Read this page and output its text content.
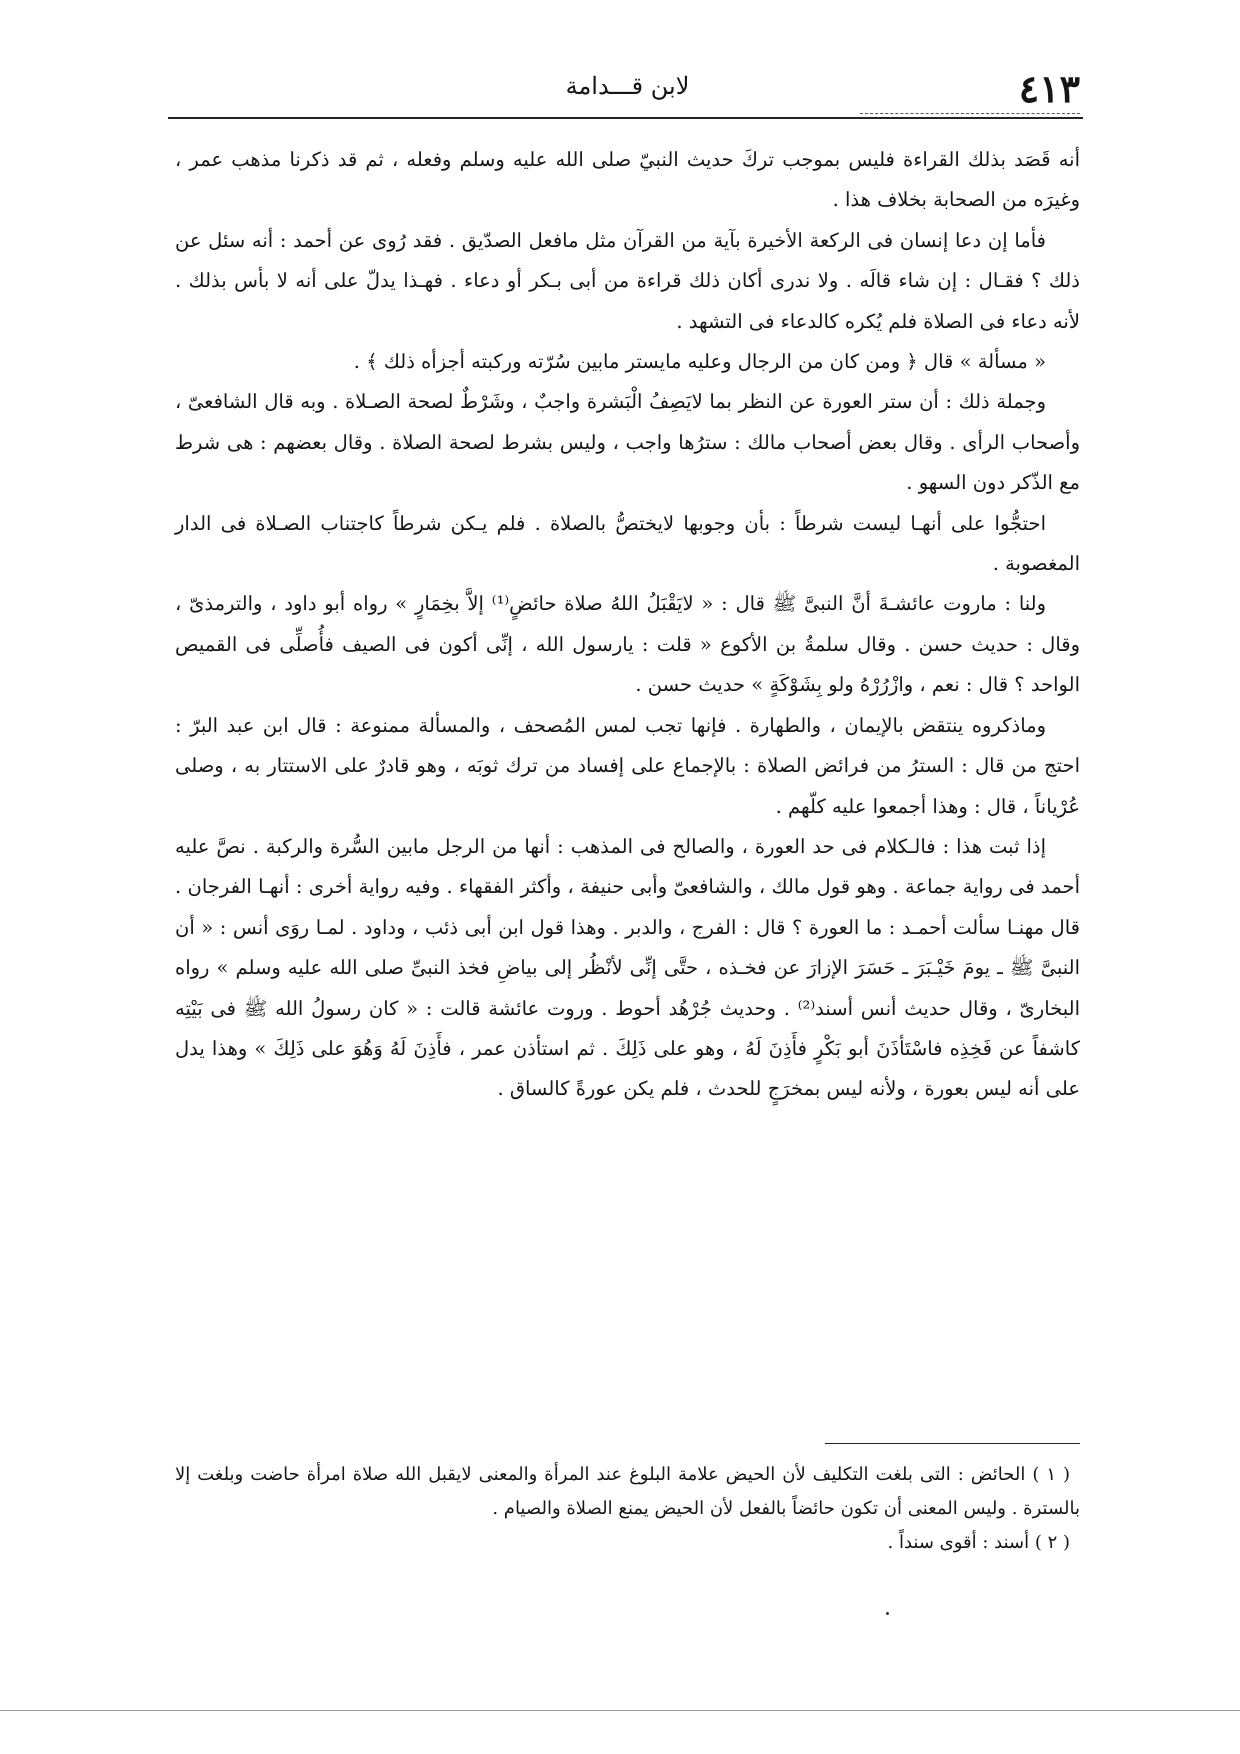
٤١٣
لابن قـــدامة

أنه قَصَد بذلك القراءة فليس بموجب تركَ حديث النبيّ صلى الله عليه وسلم وفعله ، ثم قد ذكرنا مذهب عمر ، وغيرَه من الصحابة بخلاف هذا .

فأما إن دعا إنسان فى الركعة الأخيرة بآية من القرآن مثل مافعل الصدّيق . فقد رُوى عن أحمد : أنه سئل عن ذلك ؟ فقـال : إن شاء قالَه . ولا ندرى أكان ذلك قراءة من أبى بـكر أو دعاء . فهـذا يدلّ على أنه لا بأس بذلك . لأنه دعاء فى الصلاة فلم يُكره كالدعاء فى التشهد .

« مسألة » قال ﴿ ومن كان من الرجال وعليه مايستر مابين سُرّته وركبته أجزأه ذلك ﴾ .

وجملة ذلك : أن ستر العورة عن النظر بما لايَصِفُ الْبَشرة واجبٌ ، وشَرْطٌ لصحة الصـلاة . وبه قال الشافعىّ ، وأصحاب الرأى . وقال بعض أصحاب مالك : سترُها واجب ، وليس بشرط لصحة الصلاة . وقال بعضهم : هى شرط مع الذّكر دون السهو .

احتجُّوا على أنهـا ليست شرطاً : بأن وجوبها لايختصُّ بالصلاة . فلم يـكن شرطاً كاجتناب الصـلاة فى الدار المغصوبة .

ولنا : ماروت عائشـةَ أنَّ النبىَّ ﷺ قال : « لايَقْبَلُ اللهُ صلاة حائضٍ⁽¹⁾ إلاَّ بخِمَارٍ » رواه أبو داود ، والترمذىّ ، وقال : حديث حسن . وقال سلمةُ بن الأكوع « قلت : يارسول الله ، إنِّى أكون فى الصيف فأُصلِّى فى القميص الواحد ؟ قال : نعم ، وازْرُرْهُ ولو بِشَوْكَةٍ » حديث حسن .

وماذكروه ينتقض بالإيمان ، والطهارة . فإنها تجب لمس المُصحف ، والمسألة ممنوعة : قال ابن عبد البرّ : احتج من قال : السترُ من فرائض الصلاة : بالإجماع على إفساد من ترك ثوبَه ، وهو قادرٌ على الاستتار به ، وصلى عُرْياناً ، قال : وهذا أجمعوا عليه كلّهم .

إذا ثبت هذا : فالـكلام فى حد العورة ، والصالح فى المذهب : أنها من الرجل مابين السُّرة والركبة . نصَّ عليه أحمد فى رواية جماعة . وهو قول مالك ، والشافعىّ وأبى حنيفة ، وأكثر الفقهاء . وفيه رواية أخرى : أنهـا الفرجان . قال مهنـا سألت أحمـد : ما العورة ؟ قال : الفرج ، والدبر . وهذا قول ابن أبى ذئب ، وداود . لمـا روَى أنس : « أن النبىَّ ﷺ ـ يومَ خَيْـبَرَ ـ حَسَرَ الإزارَ عن فخـذه ، حتَّى إنِّى لأنْظُر إلى بياضِ فخذ النبىِّ صلى الله عليه وسلم » رواه البخارىّ ، وقال حديث أنس أسند⁽²⁾ . وحديث جُرْهُد أحوط . وروت عائشة قالت : « كان رسولُ الله ﷺ فى بَيْتِه كاشفاً عن فَخِذِه فاسْتَأذَنَ أبو بَكْرٍ فأَذِنَ لَهُ ، وهو على ذَلِكَ . ثم استأذن عمر ، فأَذِنَ لَهُ وَهُوَ على ذَلِكَ » وهذا يدل على أنه ليس بعورة ، ولأنه ليس بمخرَجٍ للحدث ، فلم يكن عورةً كالساق .

( ١ ) الحائض : التى بلغت التكليف لأن الحيض علامة البلوغ عند المرأة والمعنى لايقبل الله صلاة امرأة حاضت وبلغت إلا بالسترة . وليس المعنى أن تكون حائضاً بالفعل لأن الحيض يمنع الصلاة والصيام .

( ٢ ) أسند : أقوى سنداً .
